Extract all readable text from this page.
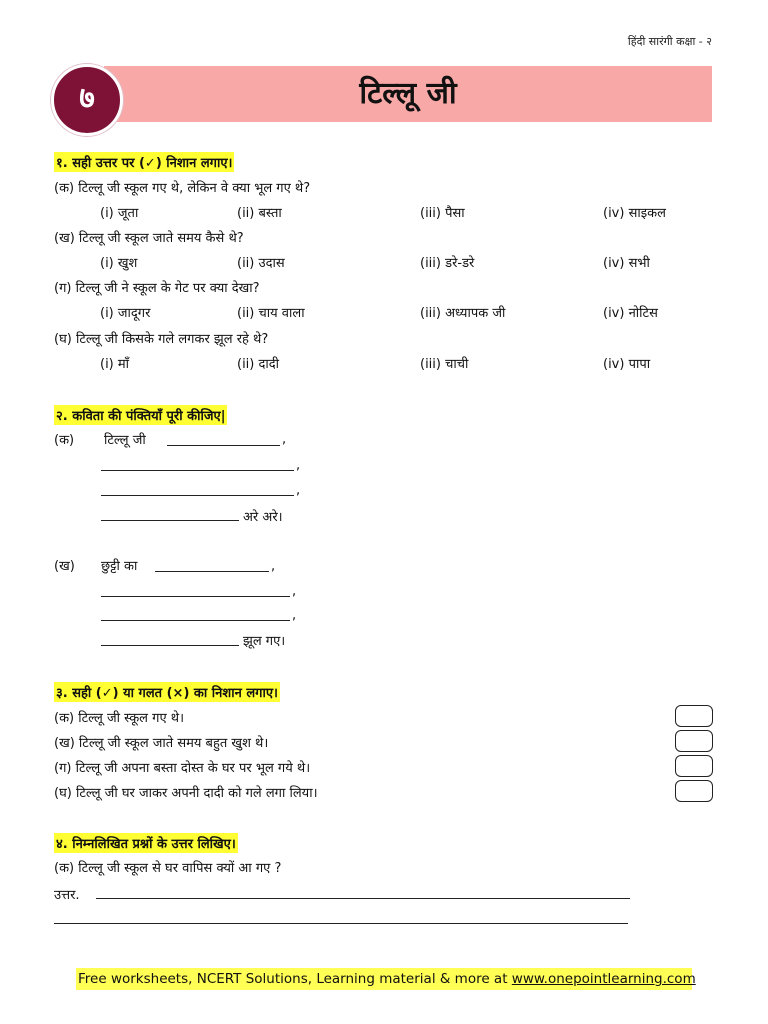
हिंदी सारंगी कक्षा - २
टिल्लू जी
७
१. सही उत्तर पर (✓) निशान लगाए।
(क) टिल्लू जी स्कूल गए थे, लेकिन वे क्या भूल गए थे?
(i) जूता	(ii) बस्ता	(iii) पैसा	(iv) साइकल
(ख) टिल्लू जी स्कूल जाते समय कैसे थे?
(i) खुश	(ii) उदास	(iii) डरे-डरे	(iv) सभी
(ग) टिल्लू जी ने स्कूल के गेट पर क्या देखा?
(i) जादूगर	(ii) चाय वाला	(iii) अध्यापक जी	(iv) नोटिस
(घ) टिल्लू जी किसके गले लगकर झूल रहे थे?
(i) माँ	(ii) दादी	(iii) चाची	(iv) पापा
२. कविता की पंक्तियाँ पूरी कीजिए|
(क) टिल्लू जी	,
,
,
अरे अरे।
(ख) छुट्टी का	,
,
,
झूल गए।
३. सही (✓) या गलत (×) का निशान लगाए।
(क) टिल्लू जी स्कूल गए थे।
(ख) टिल्लू जी स्कूल जाते समय बहुत खुश थे।
(ग) टिल्लू जी अपना बस्ता दोस्त के घर पर भूल गये थे।
(घ) टिल्लू जी घर जाकर अपनी दादी को गले लगा लिया।
४. निम्नलिखित प्रश्नों के उत्तर लिखिए।
(क) टिल्लू जी स्कूल से घर वापिस क्यों आ गए ?
उत्तर.
Free worksheets, NCERT Solutions, Learning material & more at www.onepointlearning.com
